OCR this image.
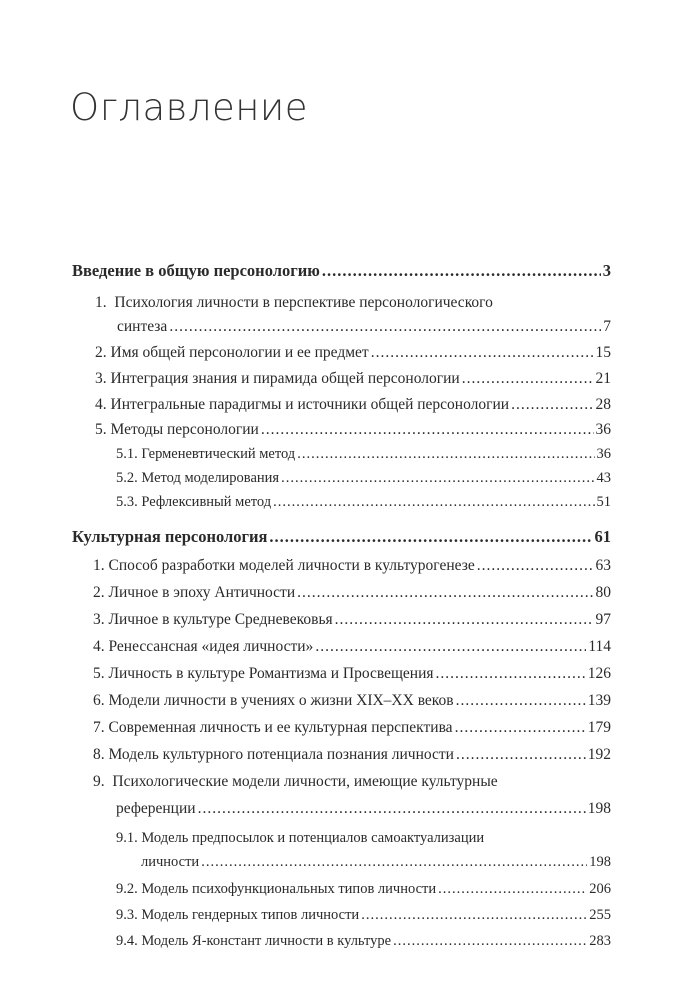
Оглавление
Введение в общую персонологию .....	3
1. Психология личности в перспективе персонологического
синтеза .....	7
2.
Имя общей персонологии и ее предмет .....	15
3.
Интеграция знания и пирамида общей персонологии .....	21
4.
Интегральные парадигмы и источники общей персонологии .....	28
5.
Методы персонологии .....	36
5.1.
Герменевтический метод .....	36
5.2.
Метод моделирования .....	43
5.3.
Рефлексивный метод .....	51
Культурная персонология .....	61
1.
Способ разработки моделей личности в культурогенезе .....	63
2.
Личное в эпоху Античности .....	80
3.
Личное в культуре Средневековья .....	97
4.
Ренессансная «идея личности» .....	114
5.
Личность в культуре Романтизма и Просвещения .....	126
6.
Модели личности в учениях о жизни XIX–XX веков .....	139
7.
Современная личность и ее культурная перспектива .....	179
8.
Модель культурного потенциала познания личности .....	192
9. Психологические модели личности, имеющие культурные
референции .....	198
9.1. Модель предпосылок и потенциалов самоактуализации
личности .....	198
9.2.
Модель психофункциональных типов личности .....	206
9.3.
Модель гендерных типов личности .....	255
9.4.
Модель Я-констант личности в культуре .....	283
